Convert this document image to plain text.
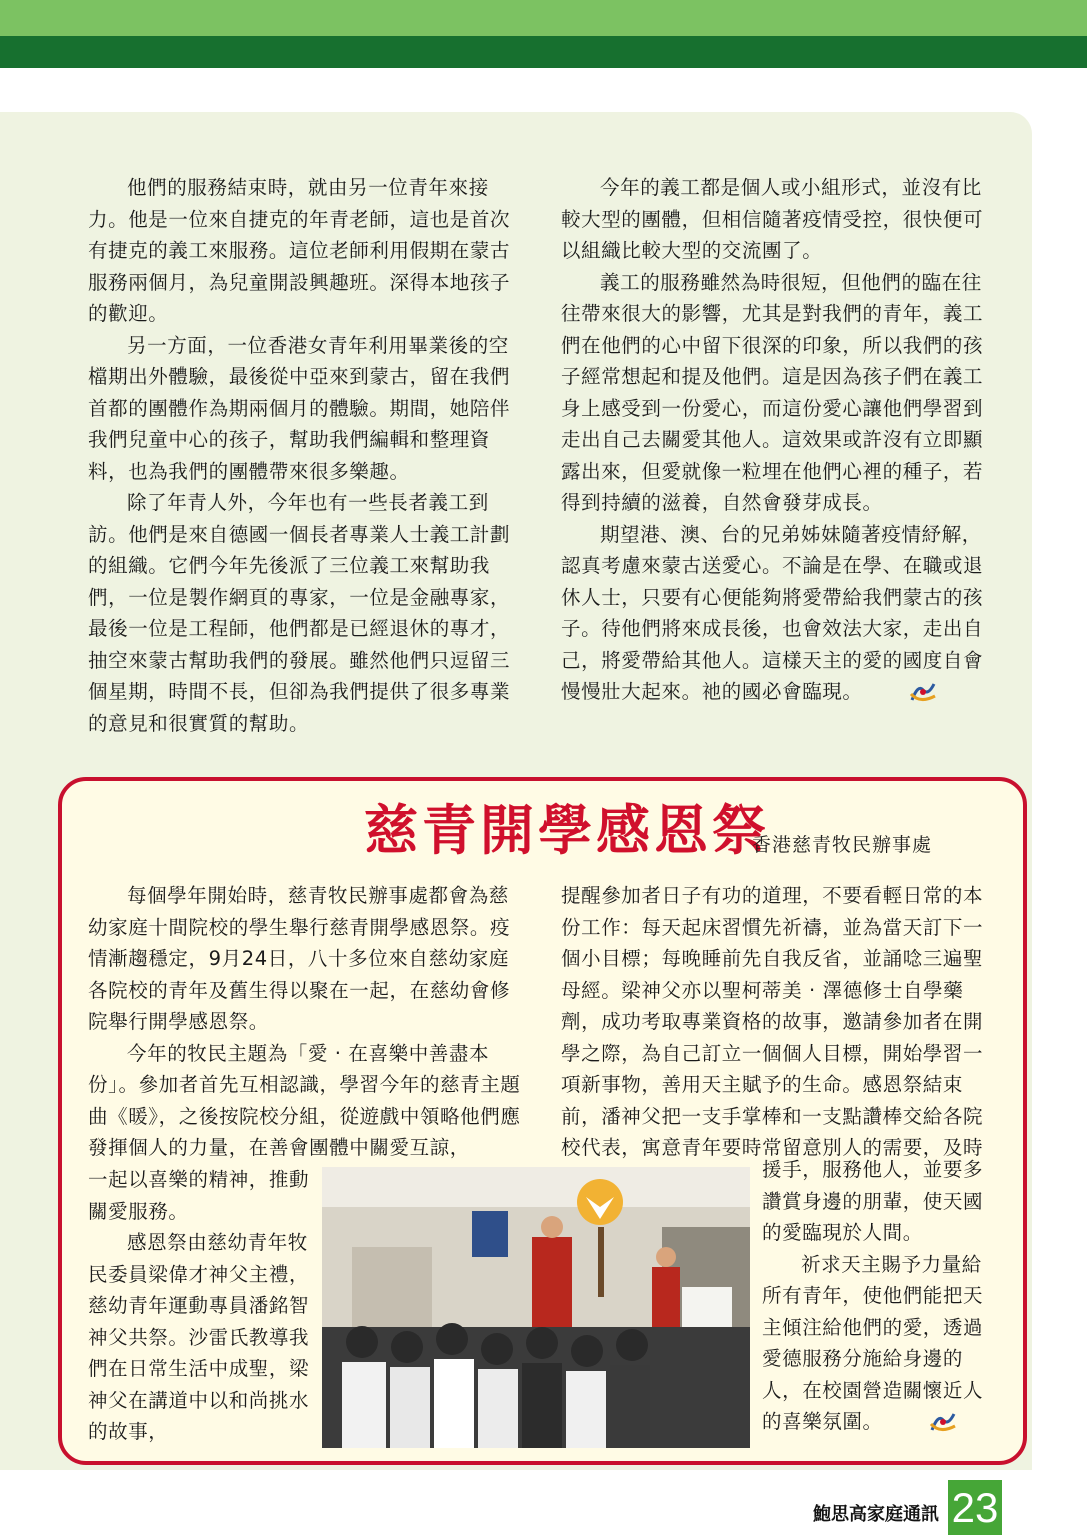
他們的服務結束時，就由另一位青年來接力。他是一位來自捷克的年青老師，這也是首次有捷克的義工來服務。這位老師利用假期在蒙古服務兩個月，為兒童開設興趣班。深得本地孩子的歡迎。

另一方面，一位香港女青年利用畢業後的空檔期出外體驗，最後從中亞來到蒙古，留在我們首都的團體作為期兩個月的體驗。期間，她陪伴我們兒童中心的孩子，幫助我們編輯和整理資料，也為我們的團體帶來很多樂趣。

除了年青人外，今年也有一些長者義工到訪。他們是來自德國一個長者專業人士義工計劃的組織。它們今年先後派了三位義工來幫助我們，一位是製作網頁的專家，一位是金融專家，最後一位是工程師，他們都是已經退休的專才，抽空來蒙古幫助我們的發展。雖然他們只逗留三個星期，時間不長，但卻為我們提供了很多專業的意見和很實質的幫助。

今年的義工都是個人或小組形式，並沒有比較大型的團體，但相信隨著疫情受控，很快便可以組織比較大型的交流團了。

義工的服務雖然為時很短，但他們的臨在往往帶來很大的影響，尤其是對我們的青年，義工們在他們的心中留下很深的印象，所以我們的孩子經常想起和提及他們。這是因為孩子們在義工身上感受到一份愛心，而這份愛心讓他們學習到走出自己去關愛其他人。這效果或許沒有立即顯露出來，但愛就像一粒埋在他們心裡的種子，若得到持續的滋養，自然會發芽成長。

期望港、澳、台的兄弟姊妹隨著疫情紓解，認真考慮來蒙古送愛心。不論是在學、在職或退休人士，只要有心便能夠將愛帶給我們蒙古的孩子。待他們將來成長後，也會效法大家，走出自己，將愛帶給其他人。這樣天主的愛的國度自會慢慢壯大起來。祂的國必會臨現。

慈青開學感恩祭
香港慈青牧民辦事處

每個學年開始時，慈青牧民辦事處都會為慈幼家庭十間院校的學生舉行慈青開學感恩祭。疫情漸趨穩定，9月24日，八十多位來自慈幼家庭各院校的青年及舊生得以聚在一起，在慈幼會修院舉行開學感恩祭。

今年的牧民主題為「愛 ‧ 在喜樂中善盡本份」。參加者首先互相認識，學習今年的慈青主題曲《暖》，之後按院校分組，從遊戲中領略他們應發揮個人的力量，在善會團體中關愛互諒，

一起以喜樂的精神，推動關愛服務。

感恩祭由慈幼青年牧民委員梁偉才神父主禮，慈幼青年運動專員潘銘智神父共祭。沙雷氏教導我們在日常生活中成聖，梁神父在講道中以和尚挑水的故事，

提醒參加者日子有功的道理，不要看輕日常的本份工作：每天起床習慣先祈禱，並為當天訂下一個小目標；每晚睡前先自我反省，並誦唸三遍聖母經。梁神父亦以聖柯蒂美 ‧ 澤德修士自學藥劑，成功考取專業資格的故事，邀請參加者在開學之際，為自己訂立一個個人目標，開始學習一項新事物，善用天主賦予的生命。感恩祭結束前，潘神父把一支手掌棒和一支點讚棒交給各院校代表，寓意青年要時常留意別人的需要，及時

援手，服務他人，並要多讚賞身邊的朋輩，使天國的愛臨現於人間。

祈求天主賜予力量給所有青年，使他們能把天主傾注給他們的愛，透過愛德服務分施給身邊的人，在校園營造關懷近人的喜樂氛圍。

鮑思高家庭通訊 23
